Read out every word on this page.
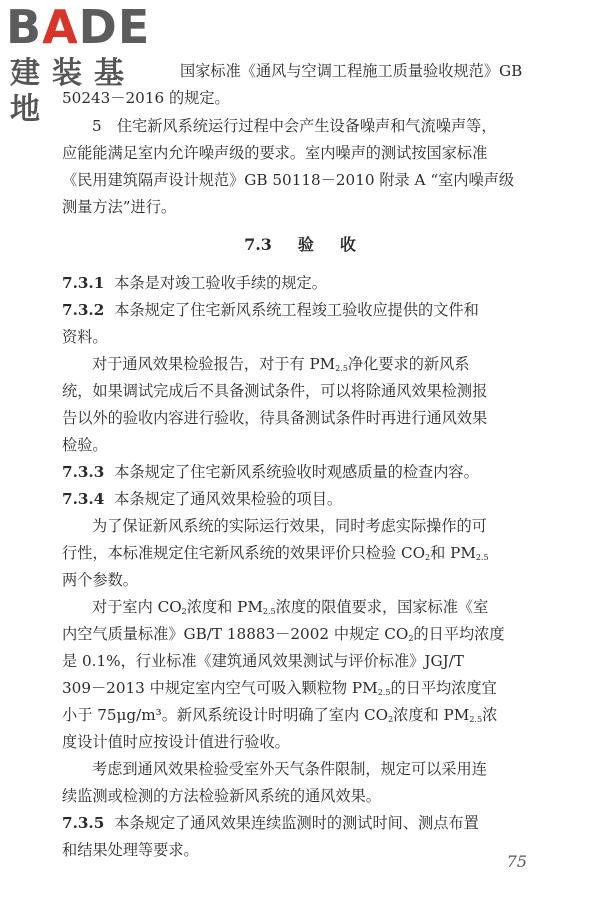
BADE
建装基地
国家标准《通风与空调工程施工质量验收规范》GB
50243－2016 的规定。
5　住宅新风系统运行过程中会产生设备噪声和气流噪声等，
应能能满足室内允许噪声级的要求。室内噪声的测试按国家标准
《民用建筑隔声设计规范》GB 50118－2010 附录 A “室内噪声级
测量方法”进行。
7.3 验 收
7.3.1 本条是对竣工验收手续的规定。
7.3.2 本条规定了住宅新风系统工程竣工验收应提供的文件和
资料。
对于通风效果检验报告，对于有 $PM_{2.5}$净化要求的新风系
统，如果调试完成后不具备测试条件，可以将除通风效果检测报
告以外的验收内容进行验收，待具备测试条件时再进行通风效果
检验。
7.3.3 本条规定了住宅新风系统验收时观感质量的检查内容。
7.3.4 本条规定了通风效果检验的项目。
为了保证新风系统的实际运行效果，同时考虑实际操作的可
行性，本标准规定住宅新风系统的效果评价只检验 $CO_2$和 $PM_{2.5}$
两个参数。
对于室内 $CO_2$浓度和 $PM_{2.5}$浓度的限值要求，国家标准《室
内空气质量标准》GB/T 18883－2002 中规定 $CO_2$的日平均浓度
是 0.1%，行业标准《建筑通风效果测试与评价标准》JGJ/T
309－2013 中规定室内空气可吸入颗粒物 $PM_{2.5}$的日平均浓度宜
小于 75μg/m³。新风系统设计时明确了室内 $CO_2$浓度和 $PM_{2.5}$浓
度设计值时应按设计值进行验收。
考虑到通风效果检验受室外天气条件限制，规定可以采用连
续监测或检测的方法检验新风系统的通风效果。
7.3.5 本条规定了通风效果连续监测时的测试时间、测点布置
和结果处理等要求。
75
